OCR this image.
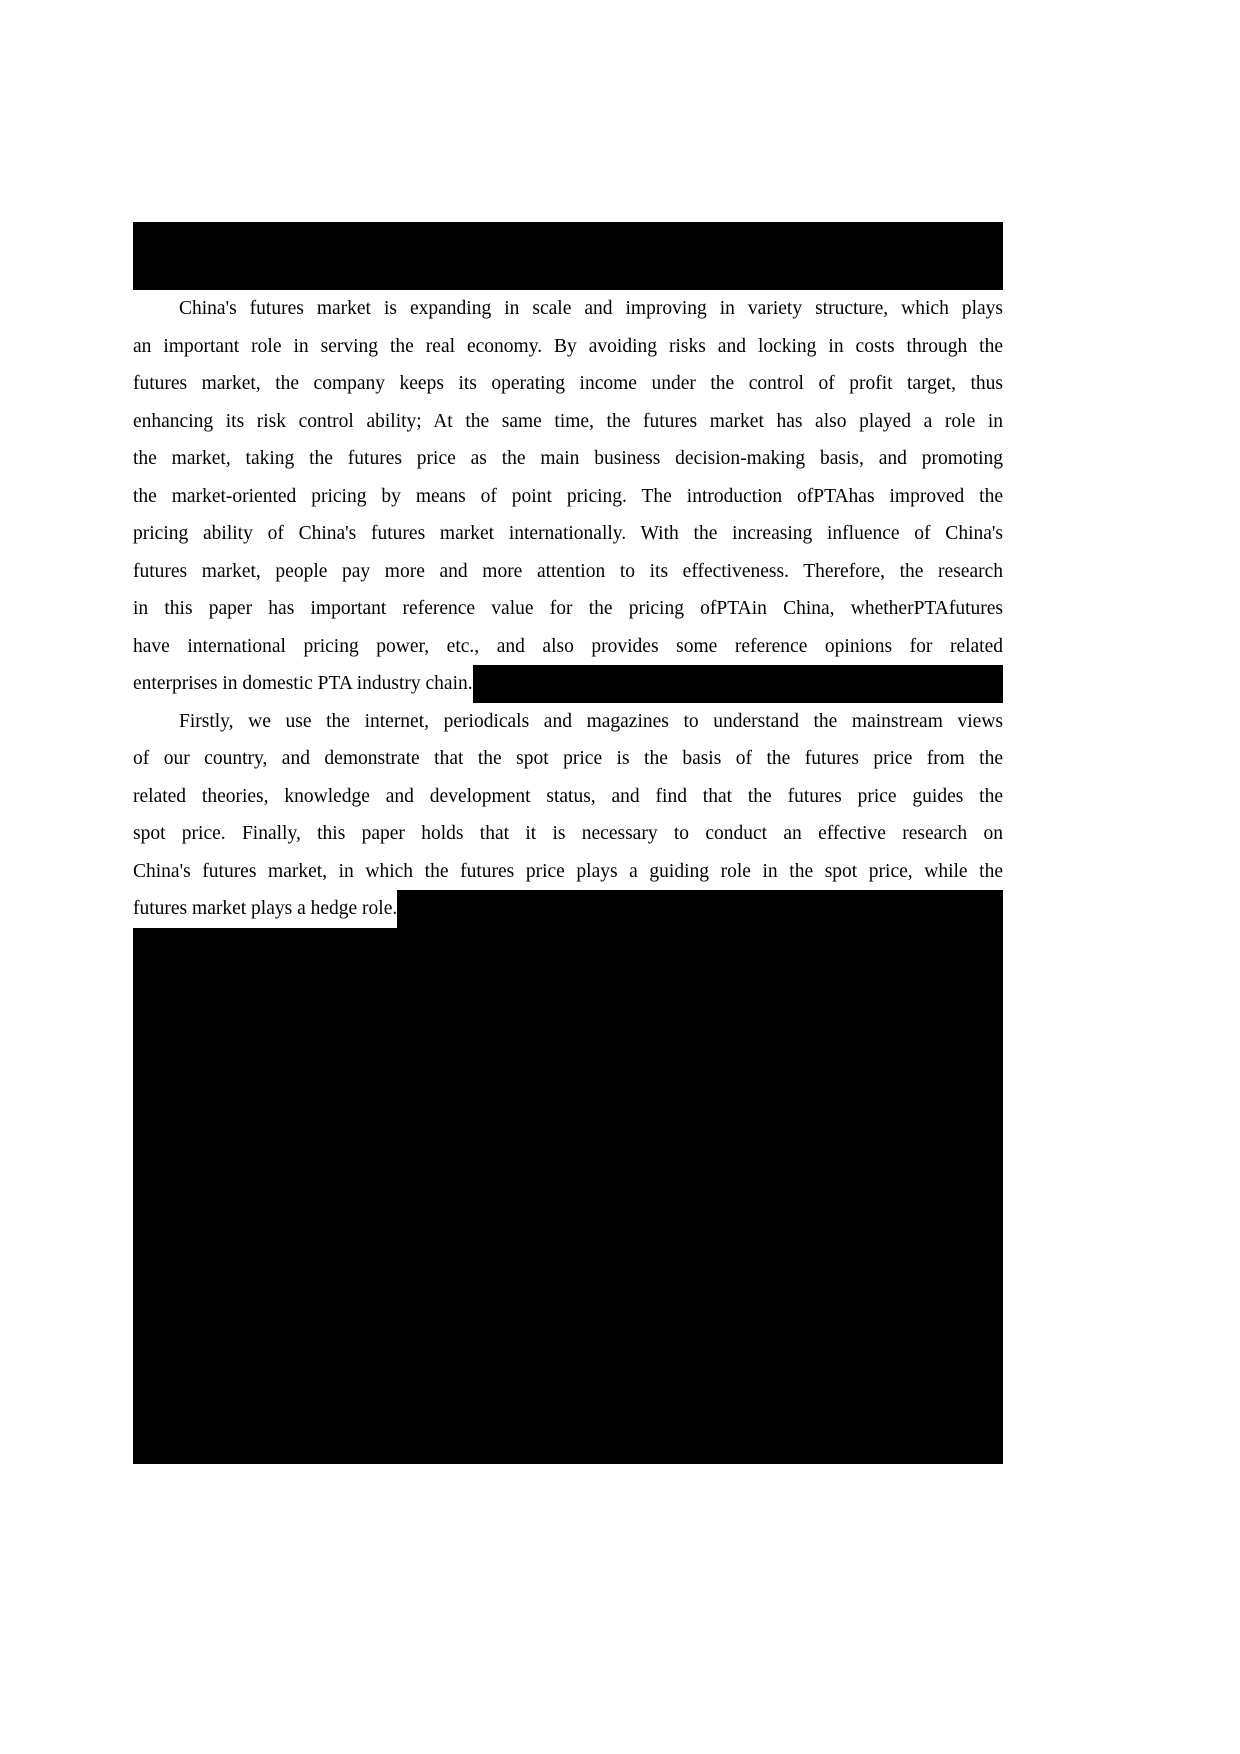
China's futures market is expanding in scale and improving in variety structure, which plays
an important role in serving the real economy. By avoiding risks and locking in costs through the
futures market, the company keeps its operating income under the control of profit target, thus
enhancing its risk control ability; At the same time, the futures market has also played a role in
the market, taking the futures price as the main business decision-making basis, and promoting
the market-oriented pricing by means of point pricing. The introduction ofPTAhas improved the
pricing ability of China's futures market internationally. With the increasing influence of China's
futures market, people pay more and more attention to its effectiveness. Therefore, the research
in this paper has important reference value for the pricing ofPTAin China, whetherPTAfutures
have international pricing power, etc., and also provides some reference opinions for related
enterprises in domestic PTA industry chain.
Firstly, we use the internet, periodicals and magazines to understand the mainstream views
of our country, and demonstrate that the spot price is the basis of the futures price from the
related theories, knowledge and development status, and find that the futures price guides the
spot price. Finally, this paper holds that it is necessary to conduct an effective research on
China's futures market, in which the futures price plays a guiding role in the spot price, while the
futures market plays a hedge role.
